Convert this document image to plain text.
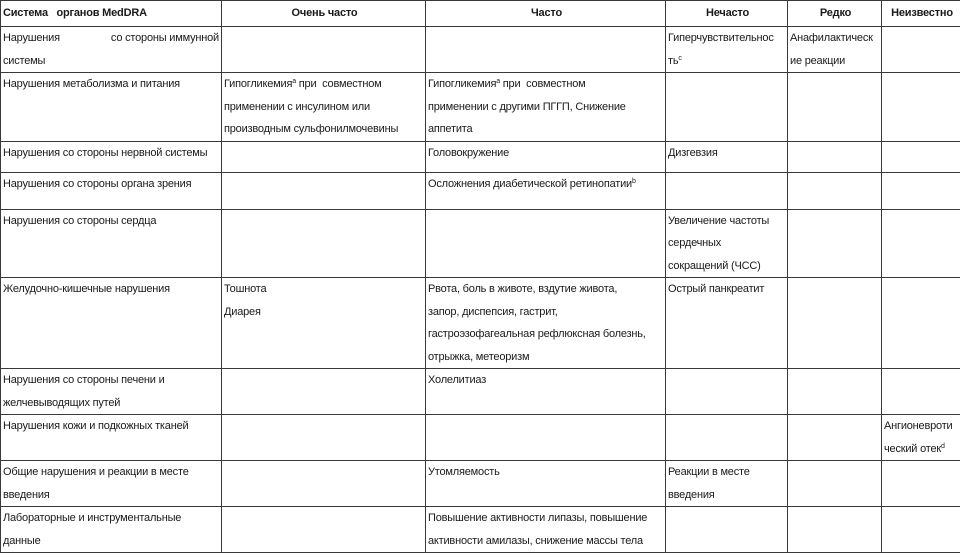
Система   органов MedDRA	Очень часто	Часто	Нечасто	Редко	Неизвестно

Нарушения со стороны иммунной
системы			Гиперчувствительнос
$ть^c$	Анафилактическ
ие реакции	

Нарушения метаболизма и питания	Гипогликемия$^a$ при  совместном
применении с инсулином или
производным сульфонилмочевины	Гипогликемия$^a$ при  совместном
применении с другими ПГГП, Снижение
аппетита			

Нарушения со стороны нервной системы		Головокружение	Дизгевзия		
Нарушения со стороны органа зрения		Осложнения диабетической ретинопатии$^b$			
Нарушения со стороны сердца			Увеличение частоты
сердечных
сокращений (ЧСС)		

Желудочно-кишечные нарушения	Тошнота
Диарея	Рвота, боль в животе, вздутие живота,
запор, диспепсия, гастрит,
гастроэзофагеальная рефлюксная болезнь,
отрыжка, метеоризм	Острый панкреатит		

Нарушения со стороны печени и
желчевыводящих путей		Холелитиаз			
Нарушения кожи и подкожных тканей					Ангионевроти
ческий отек$^d$

Общие нарушения и реакции в месте
введения		Утомляемость	Реакции в месте
введения		

Лабораторные и инструментальные
данные		Повышение активности липазы, повышение
активности амилазы, снижение массы тела			
